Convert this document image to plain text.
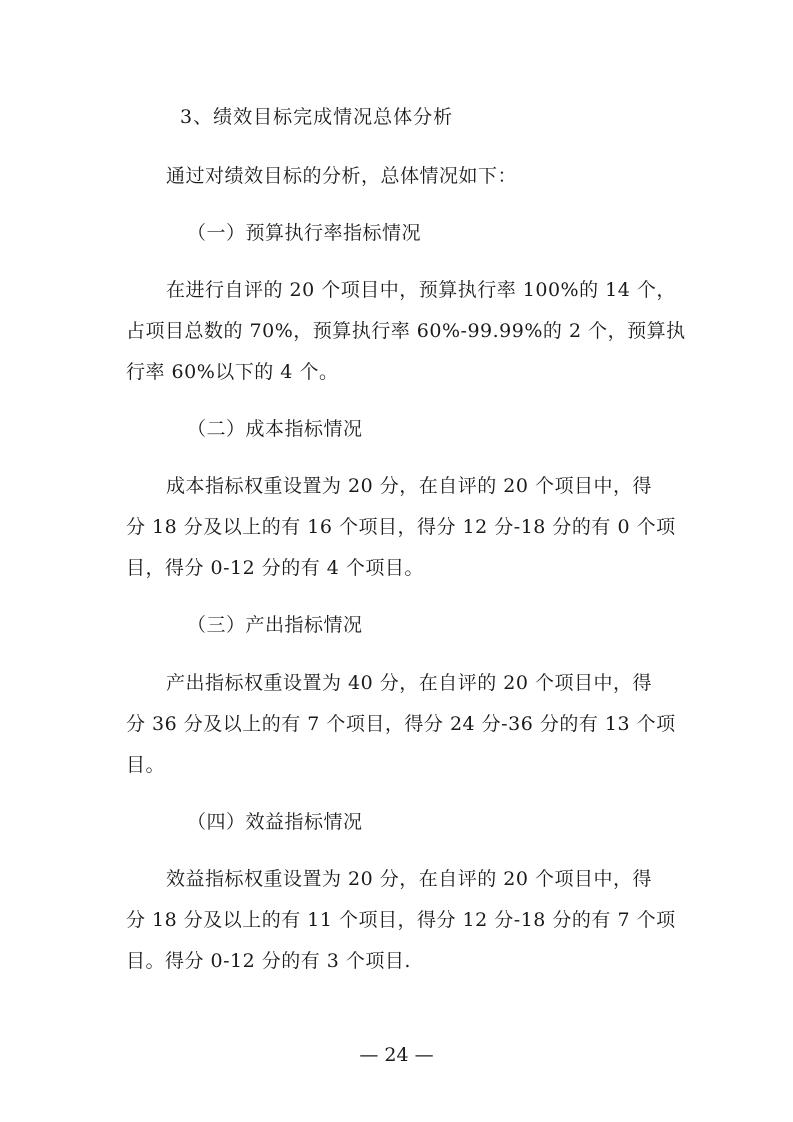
3、绩效目标完成情况总体分析
通过对绩效目标的分析，总体情况如下：
（一）预算执行率指标情况
在进行自评的 20 个项目中，预算执行率 100%的 14 个，
占项目总数的 70%，预算执行率 60%-99.99%的 2 个，预算执
行率 60%以下的 4 个。
（二）成本指标情况
成本指标权重设置为 20 分，在自评的 20 个项目中，得
分 18 分及以上的有 16 个项目，得分 12 分-18 分的有 0 个项
目，得分 0-12 分的有 4 个项目。
（三）产出指标情况
产出指标权重设置为 40 分，在自评的 20 个项目中，得
分 36 分及以上的有 7 个项目，得分 24 分-36 分的有 13 个项
目。
（四）效益指标情况
效益指标权重设置为 20 分，在自评的 20 个项目中，得
分 18 分及以上的有 11 个项目，得分 12 分-18 分的有 7 个项
目。得分 0-12 分的有 3 个项目.
— 24 —
